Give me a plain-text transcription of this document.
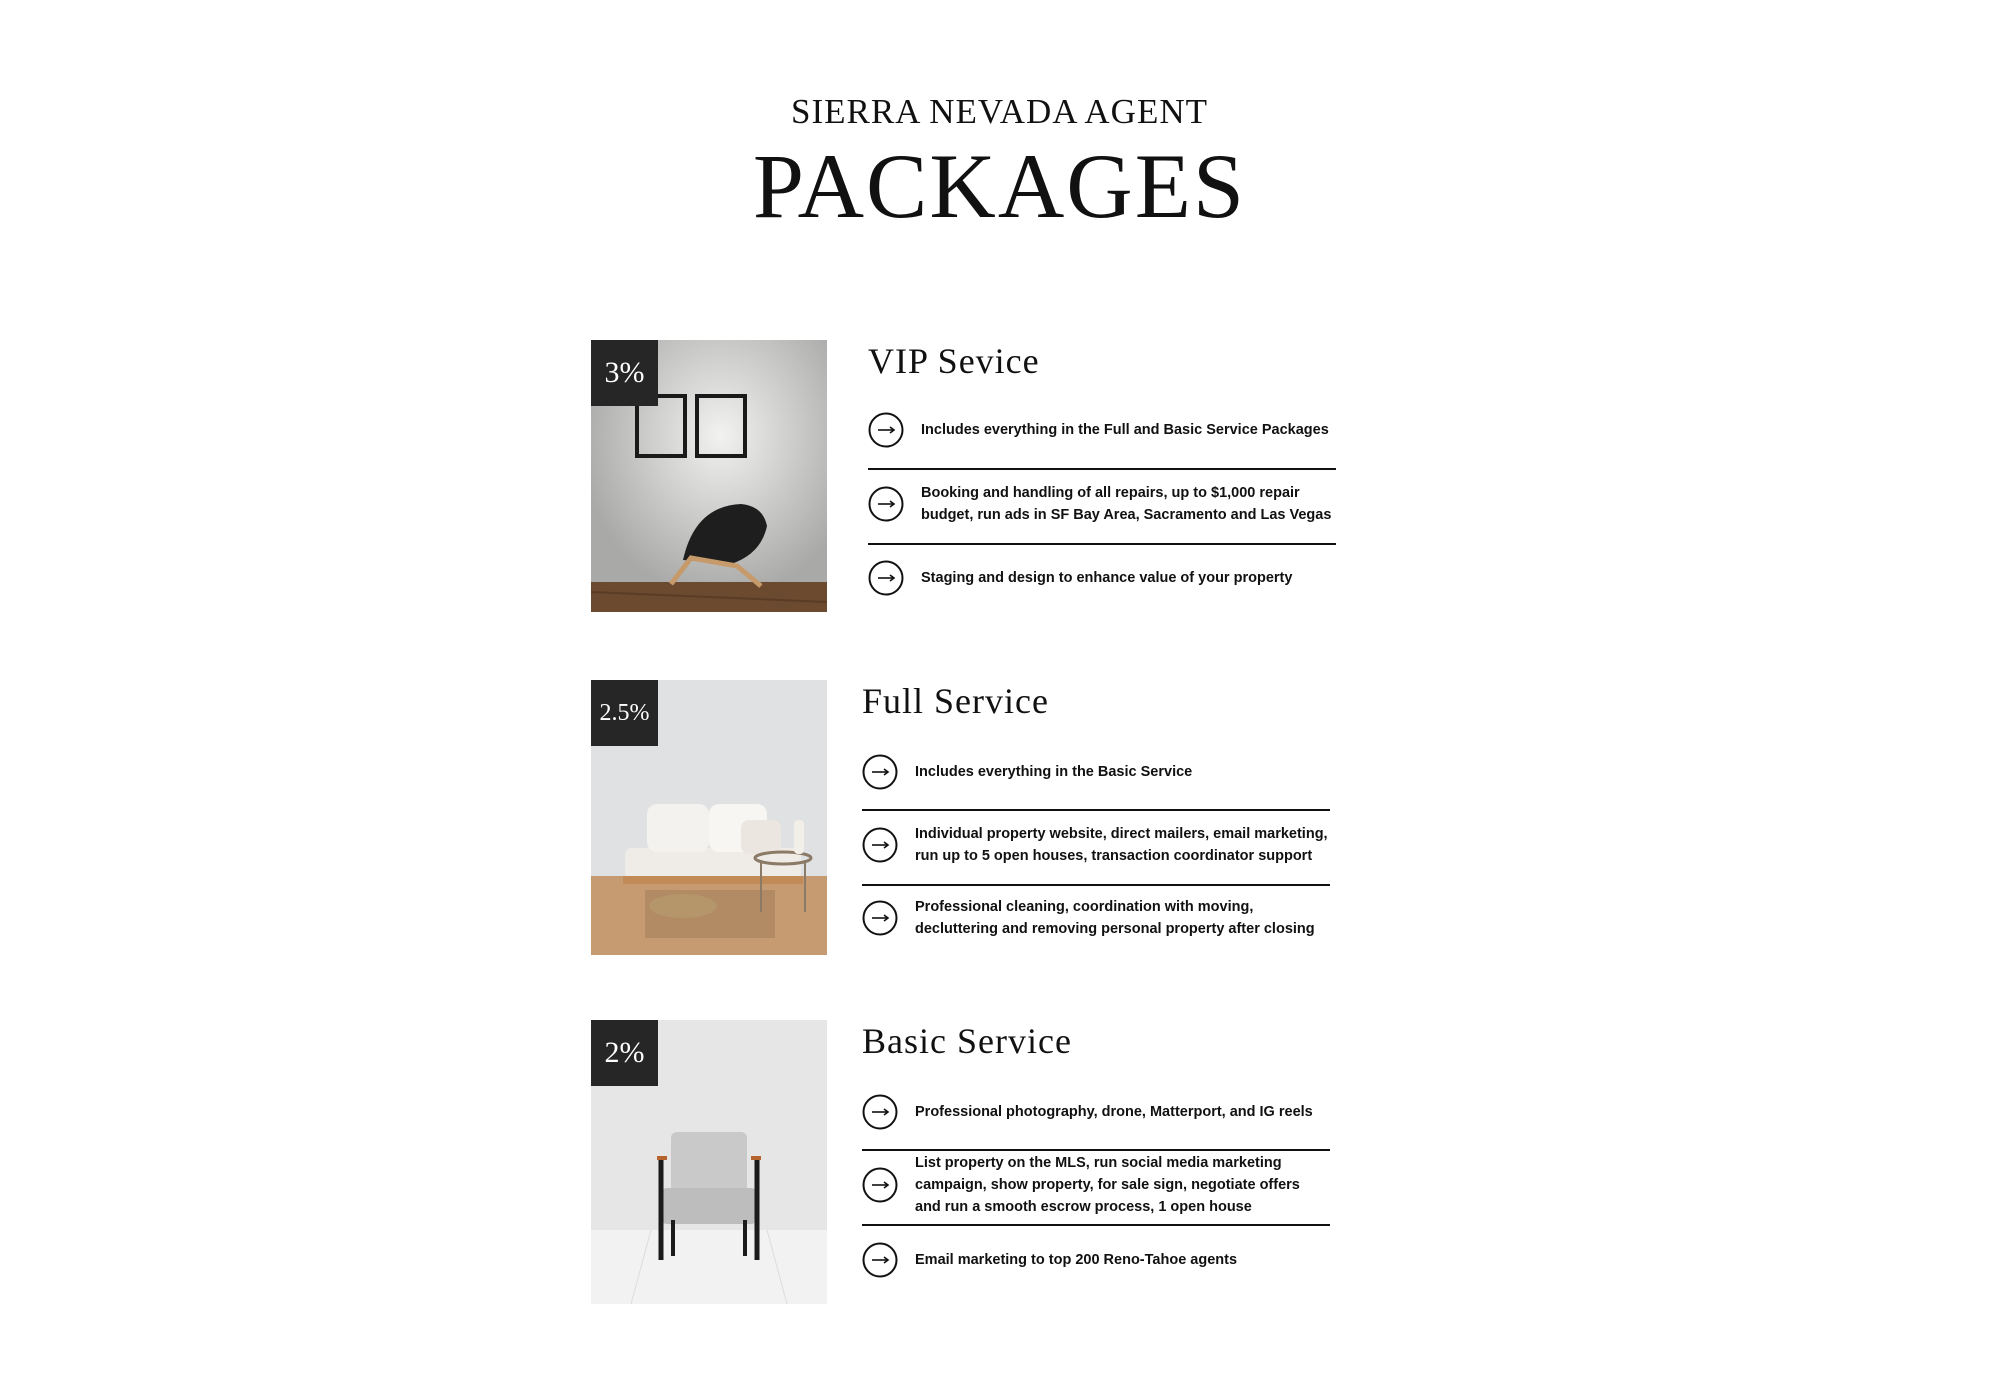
SIERRA NEVADA AGENT
PACKAGES
3%	VIP Sevice
Includes everything in the Full and Basic Service Packages
Booking and handling of all repairs, up to $1,000 repair
budget, run ads in SF Bay Area, Sacramento and Las Vegas
Staging and design to enhance value of your property
2.5%	Full Service
Includes everything in the Basic Service
Individual property website, direct mailers, email marketing,
run up to 5 open houses, transaction coordinator support
Professional cleaning, coordination with moving,
decluttering and removing personal property after closing
2%	Basic Service
Professional photography, drone, Matterport, and IG reels
List property on the MLS, run social media marketing
campaign, show property, for sale sign, negotiate offers
and run a smooth escrow process, 1 open house
Email marketing to top 200 Reno-Tahoe agents
